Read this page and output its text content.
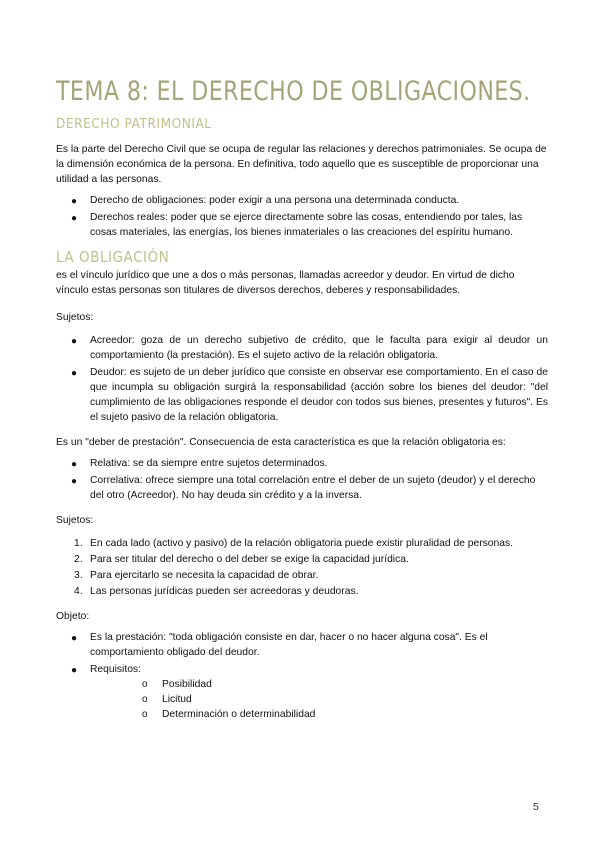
TEMA 8: EL DERECHO DE OBLIGACIONES.
DERECHO PATRIMONIAL

Es la parte del Derecho Civil que se ocupa de regular las relaciones y derechos patrimoniales. Se ocupa de la dimensión económica de la persona. En definitiva, todo aquello que es susceptible de proporcionar una utilidad a las personas.

● Derecho de obligaciones: poder exigir a una persona una determinada conducta.
● Derechos reales: poder que se ejerce directamente sobre las cosas, entendiendo por tales, las cosas materiales, las energías, los bienes inmateriales o las creaciones del espíritu humano.
LA OBLIGACIÓN

es el vínculo jurídico que une a dos o más personas, llamadas acreedor y deudor. En virtud de dicho vínculo estas personas son titulares de diversos derechos, deberes y responsabilidades.

Sujetos:

● Acreedor: goza de un derecho subjetivo de crédito, que le faculta para exigir al deudor un comportamiento (la prestación). Es el sujeto activo de la relación obligatoria.
● Deudor: es sujeto de un deber jurídico que consiste en observar ese comportamiento. En el caso de que incumpla su obligación surgirá la responsabilidad (acción sobre los bienes del deudor: "del cumplimiento de las obligaciones responde el deudor con todos sus bienes, presentes y futuros". Es el sujeto pasivo de la relación obligatoria.

Es un "deber de prestación". Consecuencia de esta característica es que la relación obligatoria es:

● Relativa: se da siempre entre sujetos determinados.
● Correlativa: ofrece siempre una total correlación entre el deber de un sujeto (deudor) y el derecho del otro (Acreedor). No hay deuda sin crédito y a la inversa.

Sujetos:

1. En cada lado (activo y pasivo) de la relación obligatoria puede existir pluralidad de personas.
2. Para ser titular del derecho o del deber se exige la capacidad jurídica.
3. Para ejercitarlo se necesita la capacidad de obrar.
4. Las personas jurídicas pueden ser acreedoras y deudoras.

Objeto:

● Es la prestación: "toda obligación consiste en dar, hacer o no hacer alguna cosa". Es el comportamiento obligado del deudor.
● Requisitos:
o Posibilidad
o Licitud
o Determinación o determinabilidad
5
